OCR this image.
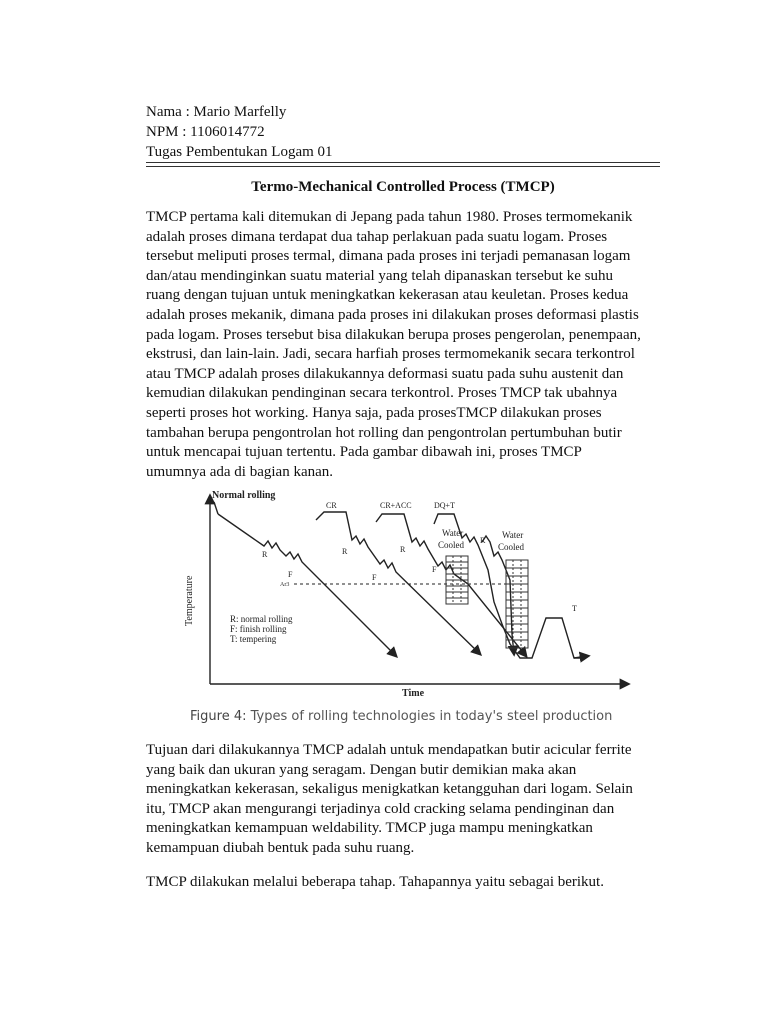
Nama : Mario Marfelly
NPM : 1106014772
Tugas Pembentukan Logam 01
Termo-Mechanical Controlled Process (TMCP)
TMCP pertama kali ditemukan di Jepang pada tahun 1980. Proses termomekanik
adalah proses dimana terdapat dua tahap perlakuan pada suatu logam. Proses
tersebut meliputi proses termal, dimana pada proses ini terjadi pemanasan logam
dan/atau mendinginkan suatu material yang telah dipanaskan tersebut ke suhu
ruang dengan tujuan untuk meningkatkan kekerasan atau keuletan. Proses kedua
adalah proses mekanik, dimana pada proses ini dilakukan proses deformasi plastis
pada logam. Proses tersebut bisa dilakukan berupa proses pengerolan, penempaan,
ekstrusi, dan lain-lain. Jadi, secara harfiah proses termomekanik secara terkontrol
atau TMCP adalah proses dilakukannya deformasi suatu pada suhu austenit dan
kemudian dilakukan pendinginan secara terkontrol. Proses TMCP tak ubahnya
seperti proses hot working. Hanya saja, pada prosesTMCP dilakukan proses
tambahan berupa pengontrolan hot rolling dan pengontrolan pertumbuhan butir
untuk mencapai tujuan tertentu. Pada gambar dibawah ini, proses TMCP
umumnya ada di bagian kanan.
Normal rolling
CR	CR+ACC	DQ+T
Water
Cooled
Water
Cooled
Ar3
R
F
R
F
R
F
R
T
Temperature
Time
R: normal rolling
F: finish rolling
T: tempering
Figure 4: Types of rolling technologies in today's steel production
Tujuan dari dilakukannya TMCP adalah untuk mendapatkan butir acicular ferrite
yang baik dan ukuran yang seragam. Dengan butir demikian maka akan
meningkatkan kekerasan, sekaligus menigkatkan ketangguhan dari logam. Selain
itu, TMCP akan mengurangi terjadinya cold cracking selama pendinginan dan
meningkatkan kemampuan weldability. TMCP juga mampu meningkatkan
kemampuan diubah bentuk pada suhu ruang.
TMCP dilakukan melalui beberapa tahap. Tahapannya yaitu sebagai berikut.
